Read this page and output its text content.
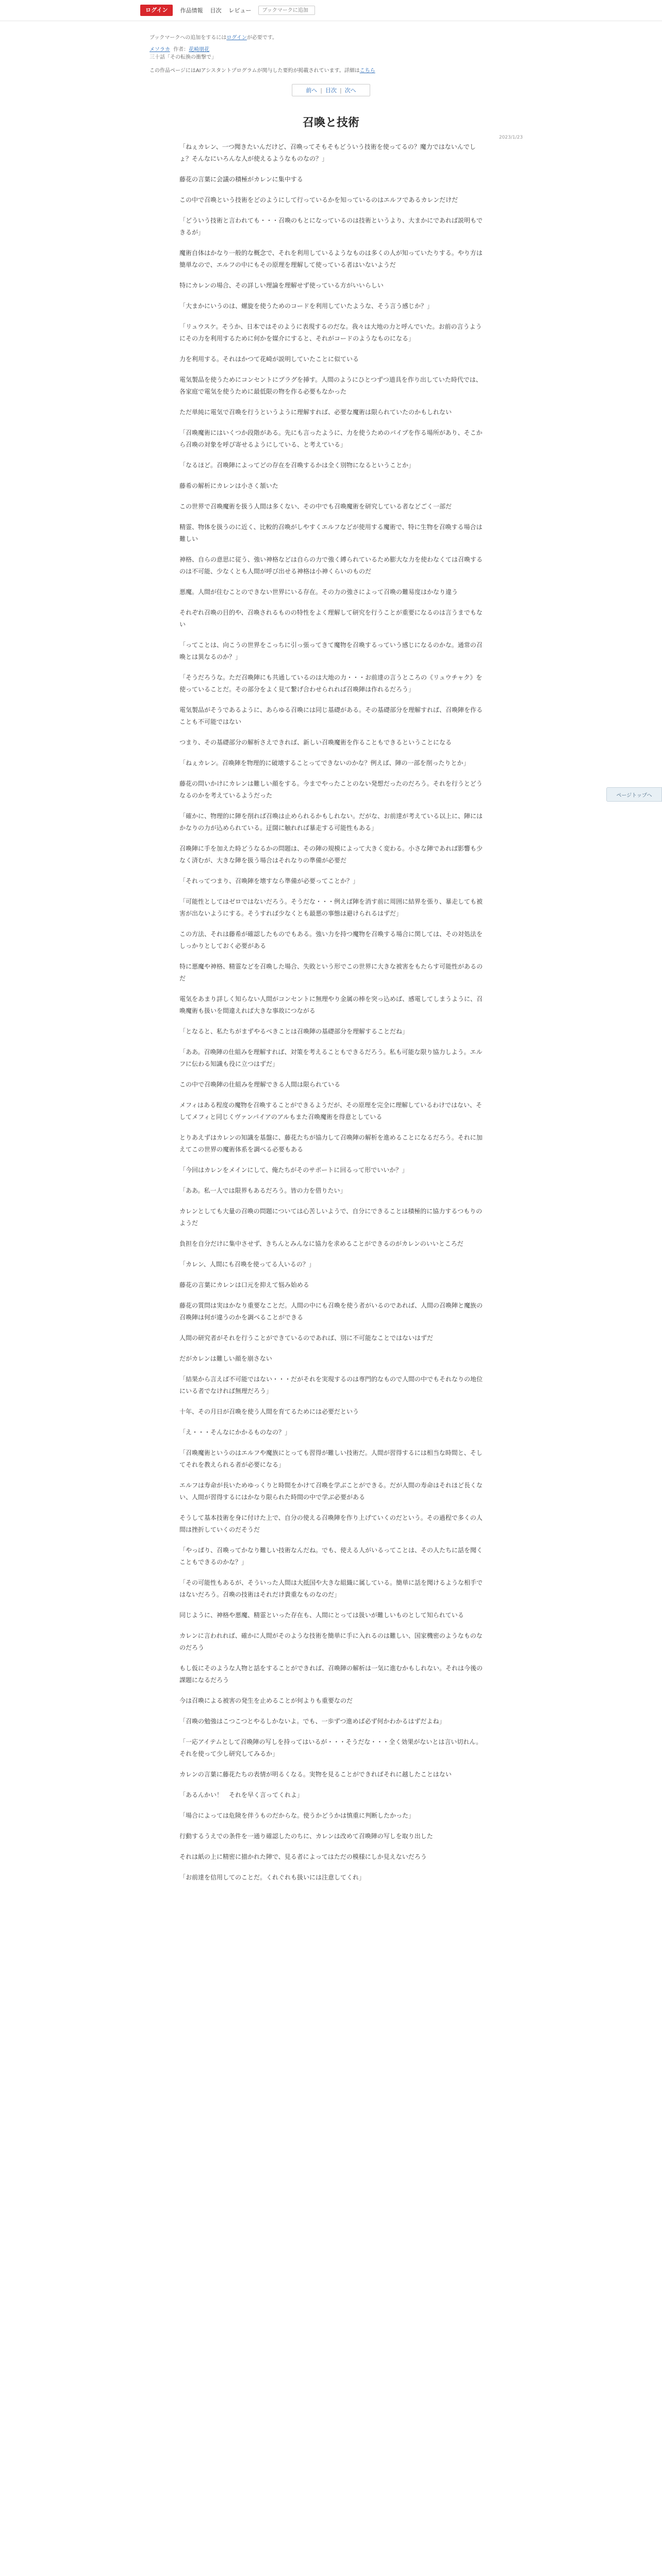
ログイン	作品情報 目次 レビュー
ブックマークに追加
ブックマークへの追加をするにはログインが必要です。
メソラカ 作者：花崎朋花
三十話「その転換の衝撃で」
この作品ページにはAIアシスタントプログラムが関与した要約が掲載されています。詳細はこちら
前へ | 目次 | 次へ
2023/1/23
召喚と技術

「ねぇカレン、一つ聞きたいんだけど、召喚ってそもそもどういう技術を使ってるの？魔力ではないんでしょ？そんなにいろんな人が使えるようなものなの？」

藤花の言葉に会議の積極がカレンに集中する

この中で召喚という技術をどのようにして行っているかを知っているのはエルフであるカレンだけだ

「どういう技術と言われても・・・召喚のもとになっているのは技術というより、大まかにであれば説明もできるが」

魔術自体はかなり一般的な概念で、それを利用しているようなものは多くの人が知っていたりする。やり方は簡単なので、エルフの中にもその原理を理解して使っている者はいないようだ

特にカレンの場合、その詳しい理論を理解せず使っている方がいいらしい

「大まかにいうのは、螺旋を使うためのコードを利用していたような、そう言う感じか？」

「リュウスケ。そうか、日本ではそのように表現するのだな。我々は大地の力と呼んでいた。お前の言うようにその力を利用するために何かを媒介にすると、それがコードのようなものになる」

力を利用する。それはかつて花崎が説明していたことに似ている

電気製品を使うためにコンセントにプラグを挿す。人間のようにひとつずつ道具を作り出していた時代では、各家庭で電気を使うために最低限の物を作る必要もなかった

ただ単純に電気で召喚を行うというように理解すれば、必要な魔術は限られていたのかもしれない

「召喚魔術にはいくつか段階がある。先にも言ったように、力を使うためのパイプを作る場所があり、そこから召喚の対象を呼び寄せるようにしている、と考えている」

「なるほど。召喚陣によってどの存在を召喚するかは全く別物になるということか」

藤希の解析にカレンは小さく頷いた

この世界で召喚魔術を扱う人間は多くない、その中でも召喚魔術を研究している者などごく一部だ

精霊、物体を扱うのに近く、比較的召喚がしやすくエルフなどが使用する魔術で、特に生物を召喚する場合は難しい

神格、自らの意思に従う、強い神格などは自らの力で強く縛られているため膨大な力を使わなくては召喚するのは不可能、少なくとも人間が呼び出せる神格は小神くらいのものだ

悪魔。人間が住むことのできない世界にいる存在。その力の強さによって召喚の難易度はかなり違う

それぞれ召喚の目的や、召喚されるものの特性をよく理解して研究を行うことが重要になるのは言うまでもない

「ってことは、向こうの世界をこっちに引っ張ってきて魔物を召喚するっていう感じになるのかな。通常の召喚とは異なるのか？」

「そうだろうな。ただ召喚陣にも共通しているのは大地の力・・・お前達の言うところの《リュウチャク》を使っていることだ。その部分をよく見て繋げ合わせられれば召喚陣は作れるだろう」

電気製品がそうであるように、あらゆる召喚には同じ基礎がある。その基礎部分を理解すれば、召喚陣を作ることも不可能ではない

つまり、その基礎部分の解析さえできれば、新しい召喚魔術を作ることもできるということになる

「ねぇカレン。召喚陣を物理的に破壊することってできないのかな？例えば、陣の一部を削ったりとか」

藤花の問いかけにカレンは難しい顔をする。今までやったことのない発想だったのだろう。それを行うとどうなるのかを考えているようだった

「確かに、物理的に陣を削れば召喚は止められるかもしれない。だがな、お前達が考えている以上に、陣にはかなりの力が込められている。迂闊に触れれば暴走する可能性もある」

召喚陣に手を加えた時どうなるかの問題は、その陣の規模によって大きく変わる。小さな陣であれば影響も少なく済むが、大きな陣を扱う場合はそれなりの準備が必要だ

「それってつまり、召喚陣を壊すなら準備が必要ってことか？」

「可能性としてはゼロではないだろう。そうだな・・・例えば陣を消す前に周囲に結界を張り、暴走しても被害が出ないようにする。そうすれば少なくとも最悪の事態は避けられるはずだ」

この方法、それは藤希が確認したものでもある。強い力を持つ魔物を召喚する場合に関しては、その対処法をしっかりとしておく必要がある

特に悪魔や神格、精霊などを召喚した場合、失敗という形でこの世界に大きな被害をもたらす可能性があるのだ

電気をあまり詳しく知らない人間がコンセントに無理やり金属の棒を突っ込めば、感電してしまうように、召喚魔術も扱いを間違えれば大きな事故につながる

「となると、私たちがまずやるべきことは召喚陣の基礎部分を理解することだね」

「ああ。召喚陣の仕組みを理解すれば、対策を考えることもできるだろう。私も可能な限り協力しよう。エルフに伝わる知識も役に立つはずだ」

この中で召喚陣の仕組みを理解できる人間は限られている

メフィはある程度の魔物を召喚することができるようだが、その原理を完全に理解しているわけではない、そしてメフィと同じくヴァンパイアのアルもまた召喚魔術を得意としている

とりあえずはカレンの知識を基盤に、藤花たちが協力して召喚陣の解析を進めることになるだろう。それに加えてこの世界の魔術体系を調べる必要もある

「今回はカレンをメインにして、俺たちがそのサポートに回るって形でいいか？」

「ああ。私一人では限界もあるだろう。皆の力を借りたい」

カレンとしても大量の召喚の問題については心苦しいようで、自分にできることは積極的に協力するつもりのようだ

負担を自分だけに集中させず、きちんとみんなに協力を求めることができるのがカレンのいいところだ

「カレン、人間にも召喚を使ってる人いるの？」

藤花の言葉にカレンは口元を抑えて悩み始める

藤花の質問は実はかなり重要なことだ。人間の中にも召喚を使う者がいるのであれば、人間の召喚陣と魔族の召喚陣は何が違うのかを調べることができる

人間の研究者がそれを行うことができているのであれば、別に不可能なことではないはずだ

だがカレンは難しい顔を崩さない

「結果から言えば不可能ではない・・・だがそれを実現するのは専門的なもので人間の中でもそれなりの地位にいる者でなければ無理だろう」

十年、その月日が召喚を使う人間を育てるためには必要だという

「え・・・そんなにかかるものなの？」

「召喚魔術というのはエルフや魔族にとっても習得が難しい技術だ。人間が習得するには相当な時間と、そしてそれを教えられる者が必要になる」

エルフは寿命が長いためゆっくりと時間をかけて召喚を学ぶことができる。だが人間の寿命はそれほど長くない、人間が習得するにはかなり限られた時間の中で学ぶ必要がある

そうして基本技術を身に付けた上で、自分の使える召喚陣を作り上げていくのだという。その過程で多くの人間は挫折していくのだそうだ

「やっぱり、召喚ってかなり難しい技術なんだね。でも、使える人がいるってことは、その人たちに話を聞くこともできるのかな？」

「その可能性もあるが、そういった人間は大抵国や大きな組織に属している。簡単に話を聞けるような相手ではないだろう。召喚の技術はそれだけ貴重なものなのだ」

同じように、神格や悪魔、精霊といった存在も、人間にとっては扱いが難しいものとして知られている

カレンに言われれば、確かに人間がそのような技術を簡単に手に入れるのは難しい、国家機密のようなものなのだろう

もし仮にそのような人物と話をすることができれば、召喚陣の解析は一気に進むかもしれない。それは今後の課題になるだろう

今は召喚による被害の発生を止めることが何よりも重要なのだ

「召喚の勉強はこつこつとやるしかないよ。でも、一歩ずつ進めば必ず何かわかるはずだよね」

「一応アイテムとして召喚陣の写しを持ってはいるが・・・そうだな・・・全く効果がないとは言い切れん。それを使って少し研究してみるか」

カレンの言葉に藤花たちの表情が明るくなる。実物を見ることができればそれに越したことはない

「あるんかい！　それを早く言ってくれよ」

「場合によっては危険を伴うものだからな。使うかどうかは慎重に判断したかった」

行動するうえでの条件を一通り確認したのちに、カレンは改めて召喚陣の写しを取り出した

それは紙の上に精密に描かれた陣で、見る者によってはただの模様にしか見えないだろう

「お前達を信用してのことだ。くれぐれも扱いには注意してくれ」

ページトップへ
